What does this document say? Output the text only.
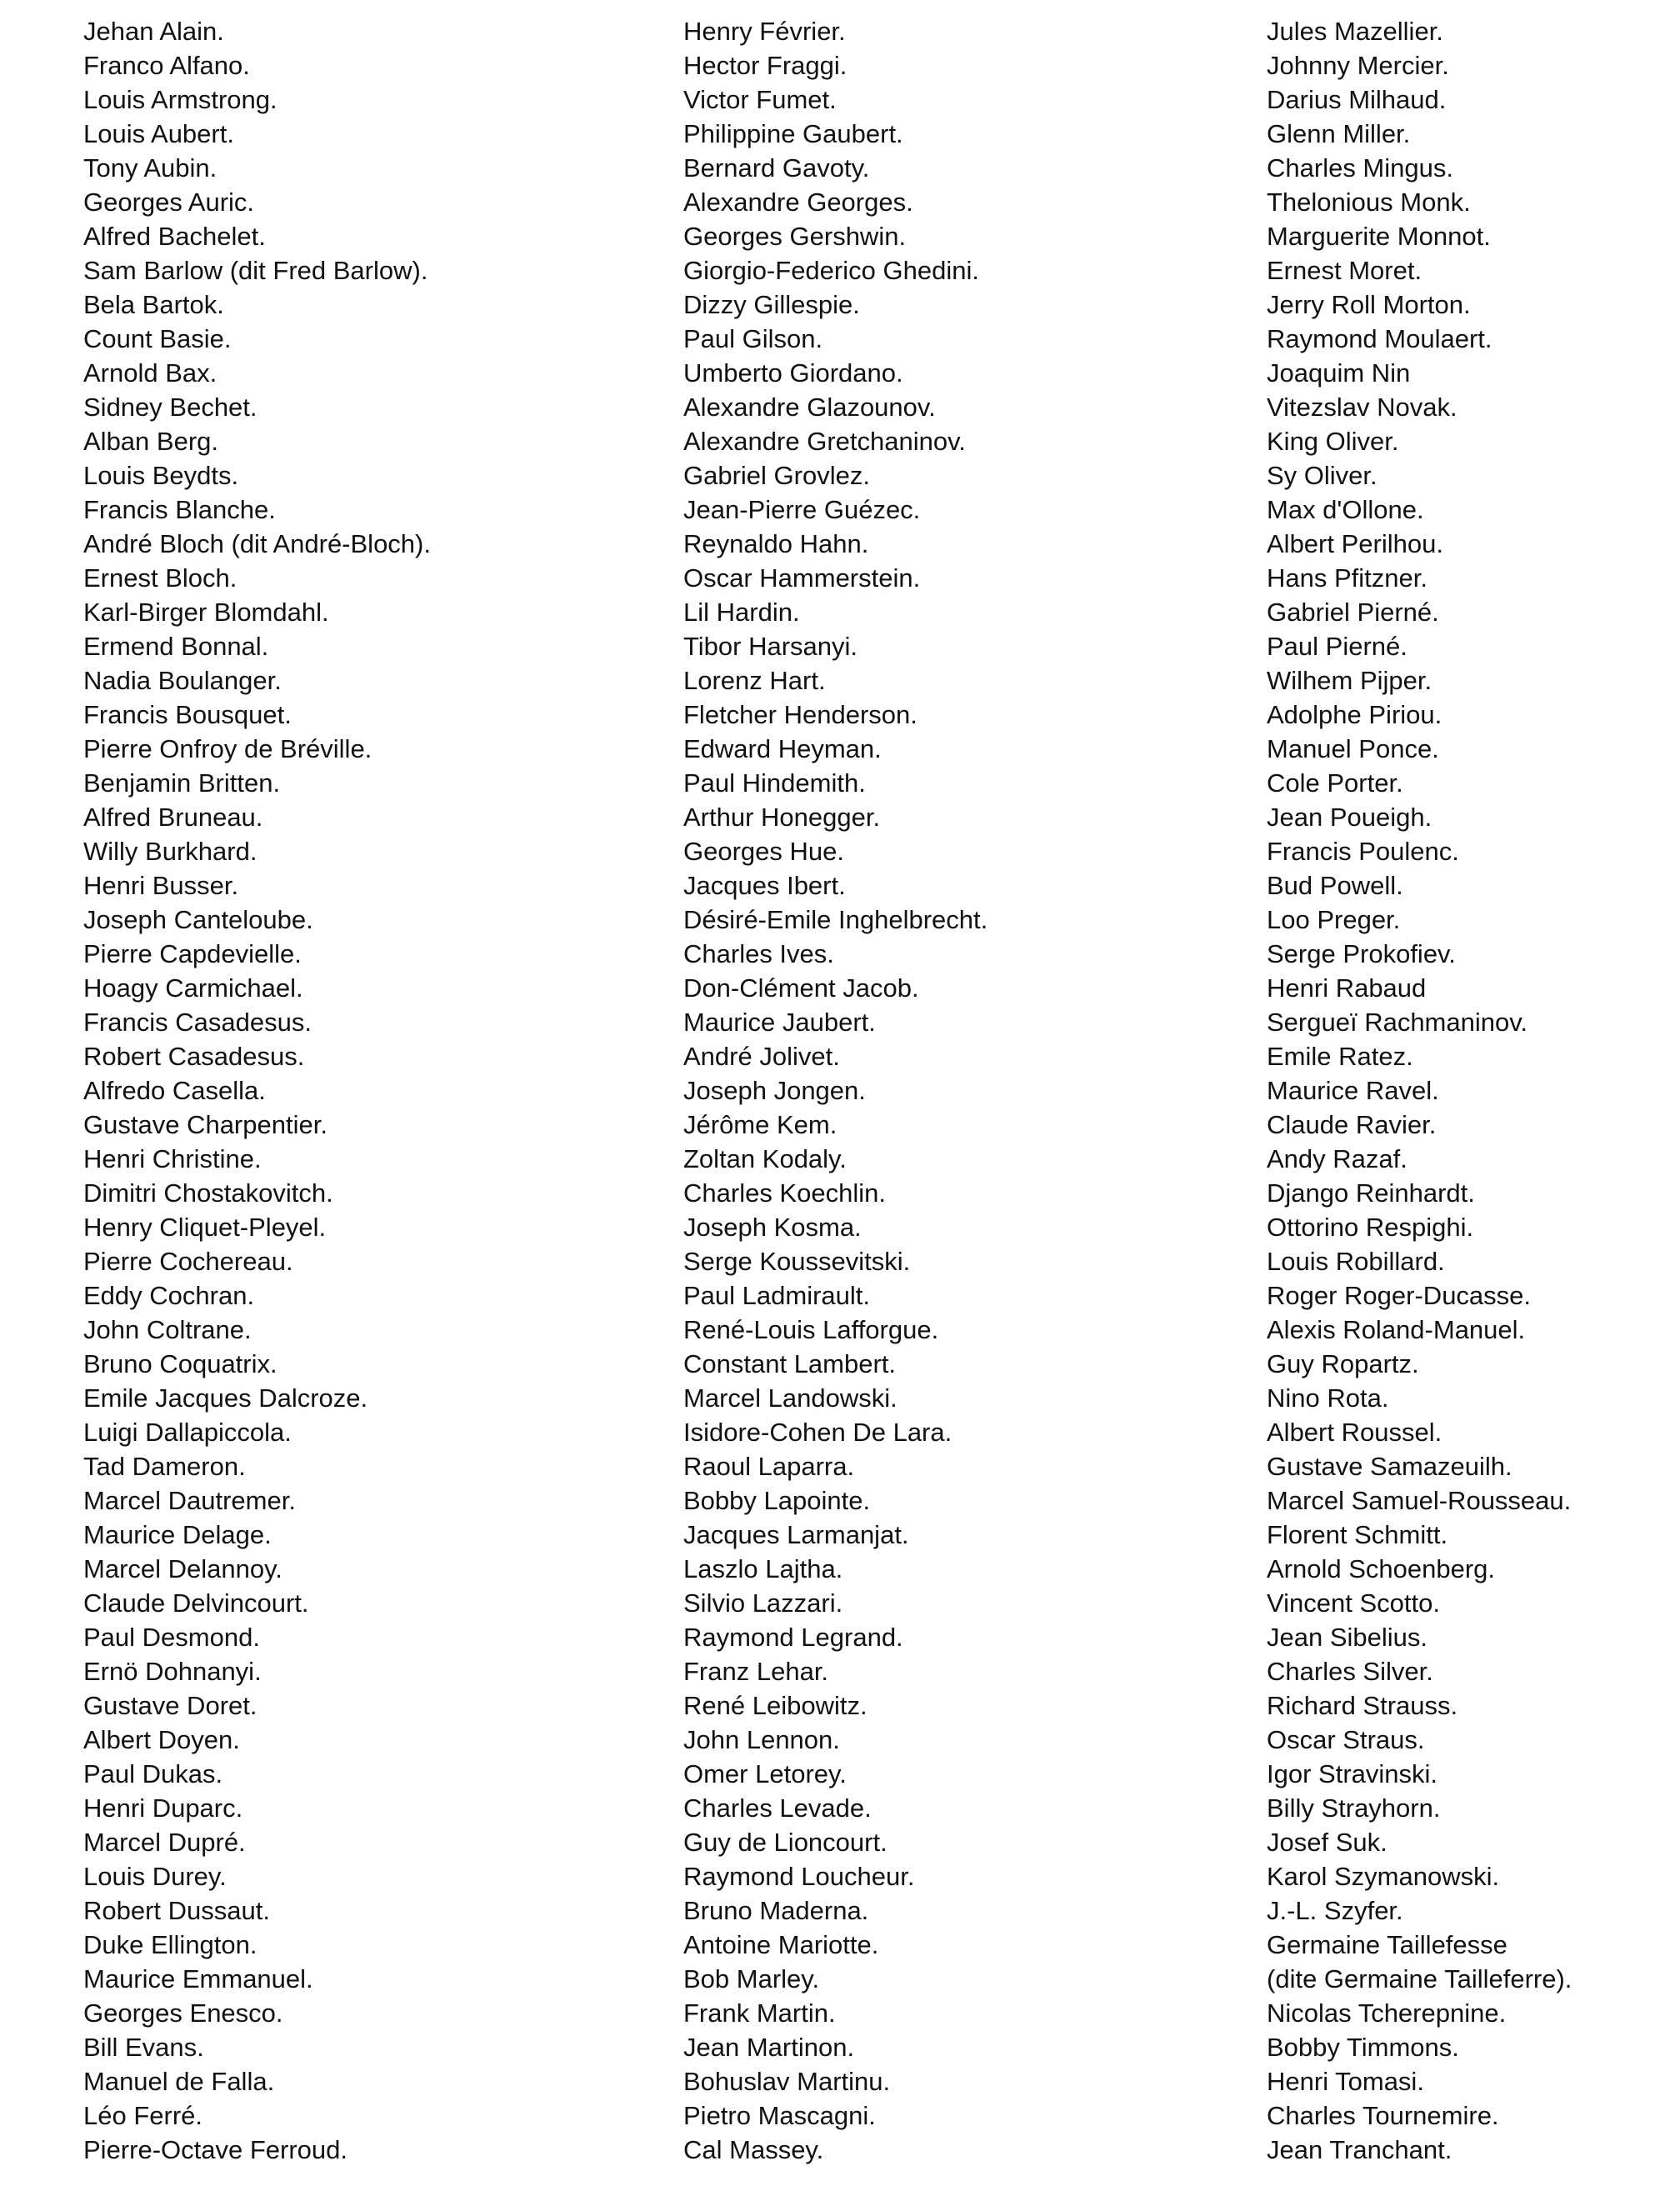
Jehan Alain.
Franco Alfano.
Louis Armstrong.
Louis Aubert.
Tony Aubin.
Georges Auric.
Alfred Bachelet.
Sam Barlow (dit Fred Barlow).
Bela Bartok.
Count Basie.
Arnold Bax.
Sidney Bechet.
Alban Berg.
Louis Beydts.
Francis Blanche.
André Bloch (dit André-Bloch).
Ernest Bloch.
Karl-Birger Blomdahl.
Ermend Bonnal.
Nadia Boulanger.
Francis Bousquet.
Pierre Onfroy de Bréville.
Benjamin Britten.
Alfred Bruneau.
Willy Burkhard.
Henri Busser.
Joseph Canteloube.
Pierre Capdevielle.
Hoagy Carmichael.
Francis Casadesus.
Robert Casadesus.
Alfredo Casella.
Gustave Charpentier.
Henri Christine.
Dimitri Chostakovitch.
Henry Cliquet-Pleyel.
Pierre Cochereau.
Eddy Cochran.
John Coltrane.
Bruno Coquatrix.
Emile Jacques Dalcroze.
Luigi Dallapiccola.
Tad Dameron.
Marcel Dautremer.
Maurice Delage.
Marcel Delannoy.
Claude Delvincourt.
Paul Desmond.
Ernö Dohnanyi.
Gustave Doret.
Albert Doyen.
Paul Dukas.
Henri Duparc.
Marcel Dupré.
Louis Durey.
Robert Dussaut.
Duke Ellington.
Maurice Emmanuel.
Georges Enesco.
Bill Evans.
Manuel de Falla.
Léo Ferré.
Pierre-Octave Ferroud.
Henry Février.
Hector Fraggi.
Victor Fumet.
Philippine Gaubert.
Bernard Gavoty.
Alexandre Georges.
Georges Gershwin.
Giorgio-Federico Ghedini.
Dizzy Gillespie.
Paul Gilson.
Umberto Giordano.
Alexandre Glazounov.
Alexandre Gretchaninov.
Gabriel Grovlez.
Jean-Pierre Guézec.
Reynaldo Hahn.
Oscar Hammerstein.
Lil Hardin.
Tibor Harsanyi.
Lorenz Hart.
Fletcher Henderson.
Edward Heyman.
Paul Hindemith.
Arthur Honegger.
Georges Hue.
Jacques Ibert.
Désiré-Emile Inghelbrecht.
Charles Ives.
Don-Clément Jacob.
Maurice Jaubert.
André Jolivet.
Joseph Jongen.
Jérôme Kem.
Zoltan Kodaly.
Charles Koechlin.
Joseph Kosma.
Serge Koussevitski.
Paul Ladmirault.
René-Louis Lafforgue.
Constant Lambert.
Marcel Landowski.
Isidore-Cohen De Lara.
Raoul Laparra.
Bobby Lapointe.
Jacques Larmanjat.
Laszlo Lajtha.
Silvio Lazzari.
Raymond Legrand.
Franz Lehar.
René Leibowitz.
John Lennon.
Omer Letorey.
Charles Levade.
Guy de Lioncourt.
Raymond Loucheur.
Bruno Maderna.
Antoine Mariotte.
Bob Marley.
Frank Martin.
Jean Martinon.
Bohuslav Martinu.
Pietro Mascagni.
Cal Massey.
Jules Mazellier.
Johnny Mercier.
Darius Milhaud.
Glenn Miller.
Charles Mingus.
Thelonious Monk.
Marguerite Monnot.
Ernest Moret.
Jerry Roll Morton.
Raymond Moulaert.
Joaquim Nin
Vitezslav Novak.
King Oliver.
Sy Oliver.
Max d'Ollone.
Albert Perilhou.
Hans Pfitzner.
Gabriel Pierné.
Paul Pierné.
Wilhem Pijper.
Adolphe Piriou.
Manuel Ponce.
Cole Porter.
Jean Poueigh.
Francis Poulenc.
Bud Powell.
Loo Preger.
Serge Prokofiev.
Henri Rabaud
Sergueï Rachmaninov.
Emile Ratez.
Maurice Ravel.
Claude Ravier.
Andy Razaf.
Django Reinhardt.
Ottorino Respighi.
Louis Robillard.
Roger Roger-Ducasse.
Alexis Roland-Manuel.
Guy Ropartz.
Nino Rota.
Albert Roussel.
Gustave Samazeuilh.
Marcel Samuel-Rousseau.
Florent Schmitt.
Arnold Schoenberg.
Vincent Scotto.
Jean Sibelius.
Charles Silver.
Richard Strauss.
Oscar Straus.
Igor Stravinski.
Billy Strayhorn.
Josef Suk.
Karol Szymanowski.
J.-L. Szyfer.
Germaine Taillefesse
(dite Germaine Tailleferre).
Nicolas Tcherepnine.
Bobby Timmons.
Henri Tomasi.
Charles Tournemire.
Jean Tranchant.
